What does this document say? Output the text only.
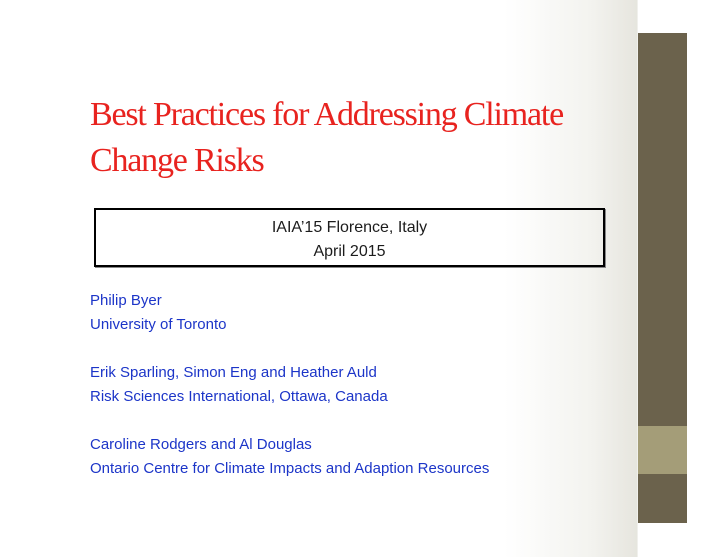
Best Practices for Addressing Climate
Change Risks
IAIA’15 Florence, Italy
April 2015
Philip Byer
University of Toronto
Erik Sparling, Simon Eng and Heather Auld
Risk Sciences International, Ottawa, Canada
Caroline Rodgers and Al Douglas
Ontario Centre for Climate Impacts and Adaption Resources
